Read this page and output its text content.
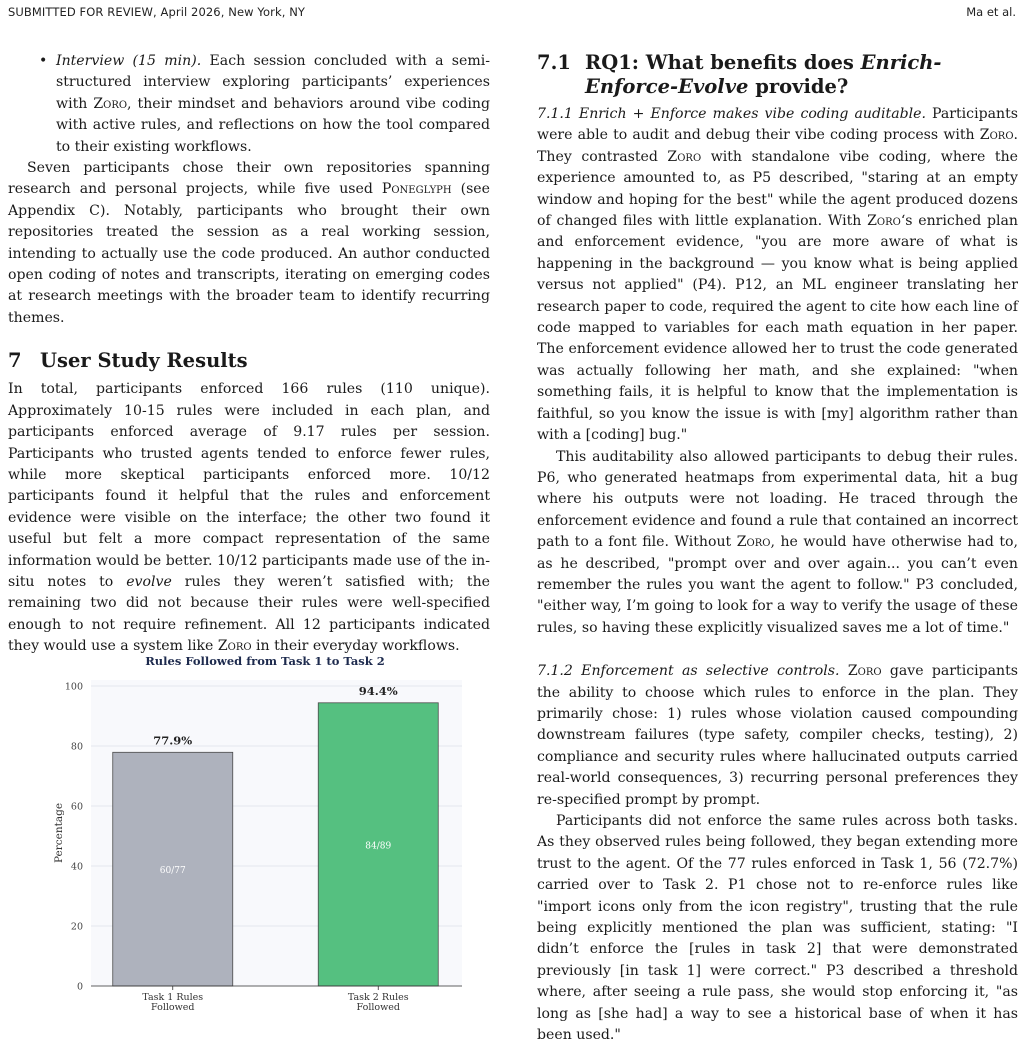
SUBMITTED FOR REVIEW, April 2026, New York, NY	Ma et al.
• Interview (15 min). Each session concluded with a semi-structured interview exploring participants’ experiences with Zoro, their mindset and behaviors around vibe coding with active rules, and reflections on how the tool compared to their existing workflows.

Seven participants chose their own repositories spanning research and personal projects, while five used Poneglyph (see Appendix C). Notably, participants who brought their own repositories treated the session as a real working session, intending to actually use the code produced. An author conducted open coding of notes and transcripts, iterating on emerging codes at research meetings with the broader team to identify recurring themes.

7 User Study Results

In total, participants enforced 166 rules (110 unique). Approximately 10-15 rules were included in each plan, and participants enforced average of 9.17 rules per session. Participants who trusted agents tended to enforce fewer rules, while more skeptical participants enforced more. 10/12 participants found it helpful that the rules and enforcement evidence were visible on the interface; the other two found it useful but felt a more compact representation of the same information would be better. 10/12 participants made use of the in-situ notes to evolve rules they weren’t satisfied with; the remaining two did not because their rules were well-specified enough to not require refinement. All 12 participants indicated they would use a system like Zoro in their everyday workflows.

77.9%
60/77
94.4%
84/89
Rules Followed from Task 1 to Task 2
Percentage
0
20
40
60
80
100
Task 1 Rules
Followed
Task 2 Rules
Followed
7.1 RQ1: What benefits does Enrich-Enforce-Evolve provide?

7.1.1 Enrich + Enforce makes vibe coding auditable. Participants were able to audit and debug their vibe coding process with Zoro. They contrasted Zoro with standalone vibe coding, where the experience amounted to, as P5 described, "staring at an empty window and hoping for the best" while the agent produced dozens of changed files with little explanation. With Zoro‘s enriched plan and enforcement evidence, "you are more aware of what is happening in the background — you know what is being applied versus not applied" (P4). P12, an ML engineer translating her research paper to code, required the agent to cite how each line of code mapped to variables for each math equation in her paper. The enforcement evidence allowed her to trust the code generated was actually following her math, and she explained: "when something fails, it is helpful to know that the implementation is faithful, so you know the issue is with [my] algorithm rather than with a [coding] bug."

This auditability also allowed participants to debug their rules. P6, who generated heatmaps from experimental data, hit a bug where his outputs were not loading. He traced through the enforcement evidence and found a rule that contained an incorrect path to a font file. Without Zoro, he would have otherwise had to, as he described, "prompt over and over again... you can’t even remember the rules you want the agent to follow." P3 concluded, "either way, I’m going to look for a way to verify the usage of these rules, so having these explicitly visualized saves me a lot of time."

7.1.2 Enforcement as selective controls. Zoro gave participants the ability to choose which rules to enforce in the plan. They primarily chose: 1) rules whose violation caused compounding downstream failures (type safety, compiler checks, testing), 2) compliance and security rules where hallucinated outputs carried real-world consequences, 3) recurring personal preferences they re-specified prompt by prompt.

Participants did not enforce the same rules across both tasks. As they observed rules being followed, they began extending more trust to the agent. Of the 77 rules enforced in Task 1, 56 (72.7%) carried over to Task 2. P1 chose not to re-enforce rules like "import icons only from the icon registry", trusting that the rule being explicitly mentioned the plan was sufficient, stating: "I didn’t enforce the [rules in task 2] that were demonstrated previously [in task 1] were correct." P3 described a threshold where, after seeing a rule pass, she would stop enforcing it, "as long as [she had] a way to see a historical base of when it has been used."
